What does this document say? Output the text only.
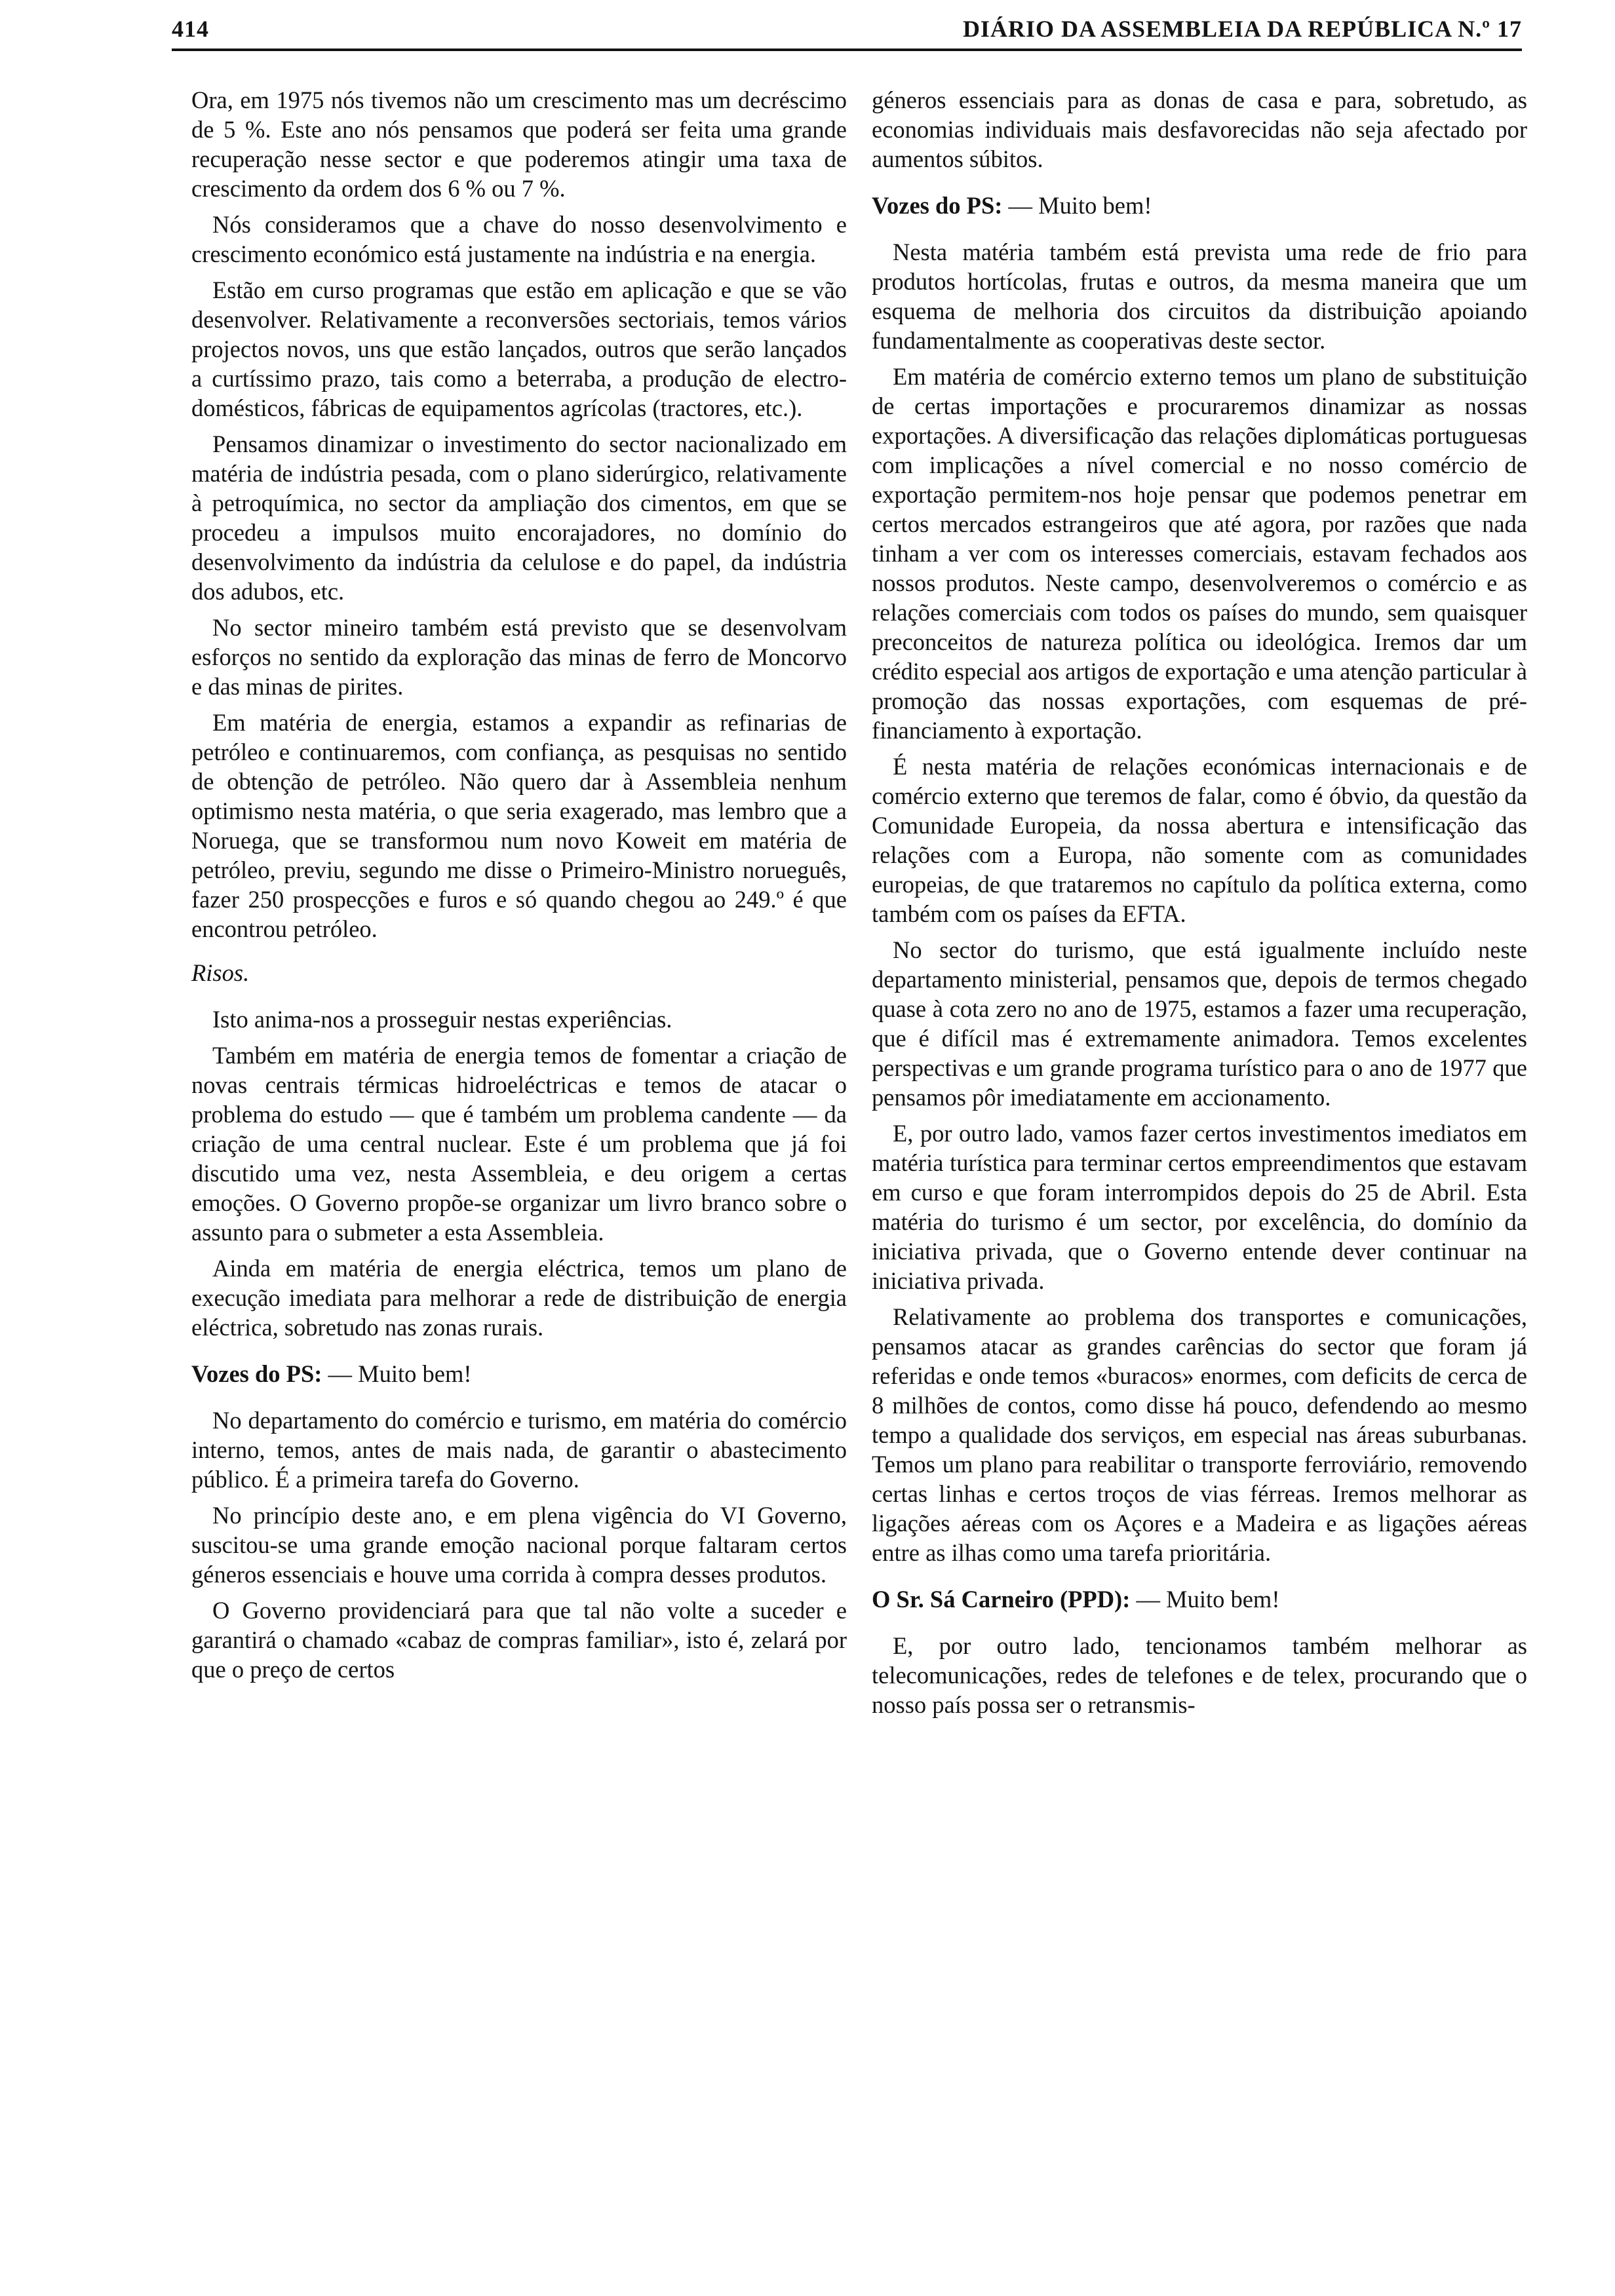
414	DIÁRIO DA ASSEMBLEIA DA REPÚBLICA N.º 17

Ora, em 1975 nós tivemos não um crescimento mas um decréscimo de 5 %. Este ano nós pensamos que poderá ser feita uma grande recuperação nesse sector e que poderemos atingir uma taxa de crescimento da ordem dos 6 % ou 7 %.

Nós consideramos que a chave do nosso desenvolvimento e crescimento económico está justamente na indústria e na energia.

Estão em curso programas que estão em aplicação e que se vão desenvolver. Relativamente a reconversões sectoriais, temos vários projectos novos, uns que estão lançados, outros que serão lançados a curtíssimo prazo, tais como a beterraba, a produção de electro-domésticos, fábricas de equipamentos agrícolas (tractores, etc.).

Pensamos dinamizar o investimento do sector nacionalizado em matéria de indústria pesada, com o plano siderúrgico, relativamente à petroquímica, no sector da ampliação dos cimentos, em que se procedeu a impulsos muito encorajadores, no domínio do desenvolvimento da indústria da celulose e do papel, da indústria dos adubos, etc.

No sector mineiro também está previsto que se desenvolvam esforços no sentido da exploração das minas de ferro de Moncorvo e das minas de pirites.

Em matéria de energia, estamos a expandir as refinarias de petróleo e continuaremos, com confiança, as pesquisas no sentido de obtenção de petróleo. Não quero dar à Assembleia nenhum optimismo nesta matéria, o que seria exagerado, mas lembro que a Noruega, que se transformou num novo Koweit em matéria de petróleo, previu, segundo me disse o Primeiro-Ministro norueguês, fazer 250 prospecções e furos e só quando chegou ao 249.º é que encontrou petróleo.

Risos.

Isto anima-nos a prosseguir nestas experiências.

Também em matéria de energia temos de fomentar a criação de novas centrais térmicas hidroeléctricas e temos de atacar o problema do estudo — que é também um problema candente — da criação de uma central nuclear. Este é um problema que já foi discutido uma vez, nesta Assembleia, e deu origem a certas emoções. O Governo propõe-se organizar um livro branco sobre o assunto para o submeter a esta Assembleia.

Ainda em matéria de energia eléctrica, temos um plano de execução imediata para melhorar a rede de distribuição de energia eléctrica, sobretudo nas zonas rurais.

Vozes do PS: — Muito bem!

No departamento do comércio e turismo, em matéria do comércio interno, temos, antes de mais nada, de garantir o abastecimento público. É a primeira tarefa do Governo.

No princípio deste ano, e em plena vigência do VI Governo, suscitou-se uma grande emoção nacional porque faltaram certos géneros essenciais e houve uma corrida à compra desses produtos.

O Governo providenciará para que tal não volte a suceder e garantirá o chamado «cabaz de compras familiar», isto é, zelará por que o preço de certos

géneros essenciais para as donas de casa e para, sobretudo, as economias individuais mais desfavorecidas não seja afectado por aumentos súbitos.

Vozes do PS: — Muito bem!

Nesta matéria também está prevista uma rede de frio para produtos hortícolas, frutas e outros, da mesma maneira que um esquema de melhoria dos circuitos da distribuição apoiando fundamentalmente as cooperativas deste sector.

Em matéria de comércio externo temos um plano de substituição de certas importações e procuraremos dinamizar as nossas exportações. A diversificação das relações diplomáticas portuguesas com implicações a nível comercial e no nosso comércio de exportação permitem-nos hoje pensar que podemos penetrar em certos mercados estrangeiros que até agora, por razões que nada tinham a ver com os interesses comerciais, estavam fechados aos nossos produtos. Neste campo, desenvolveremos o comércio e as relações comerciais com todos os países do mundo, sem quaisquer preconceitos de natureza política ou ideológica. Iremos dar um crédito especial aos artigos de exportação e uma atenção particular à promoção das nossas exportações, com esquemas de pré-financiamento à exportação.

É nesta matéria de relações económicas internacionais e de comércio externo que teremos de falar, como é óbvio, da questão da Comunidade Europeia, da nossa abertura e intensificação das relações com a Europa, não somente com as comunidades europeias, de que trataremos no capítulo da política externa, como também com os países da EFTA.

No sector do turismo, que está igualmente incluído neste departamento ministerial, pensamos que, depois de termos chegado quase à cota zero no ano de 1975, estamos a fazer uma recuperação, que é difícil mas é extremamente animadora. Temos excelentes perspectivas e um grande programa turístico para o ano de 1977 que pensamos pôr imediatamente em accionamento.

E, por outro lado, vamos fazer certos investimentos imediatos em matéria turística para terminar certos empreendimentos que estavam em curso e que foram interrompidos depois do 25 de Abril. Esta matéria do turismo é um sector, por excelência, do domínio da iniciativa privada, que o Governo entende dever continuar na iniciativa privada.

Relativamente ao problema dos transportes e comunicações, pensamos atacar as grandes carências do sector que foram já referidas e onde temos «buracos» enormes, com deficits de cerca de 8 milhões de contos, como disse há pouco, defendendo ao mesmo tempo a qualidade dos serviços, em especial nas áreas suburbanas. Temos um plano para reabilitar o transporte ferroviário, removendo certas linhas e certos troços de vias férreas. Iremos melhorar as ligações aéreas com os Açores e a Madeira e as ligações aéreas entre as ilhas como uma tarefa prioritária.

O Sr. Sá Carneiro (PPD): — Muito bem!

E, por outro lado, tencionamos também melhorar as telecomunicações, redes de telefones e de telex, procurando que o nosso país possa ser o retransmis-
